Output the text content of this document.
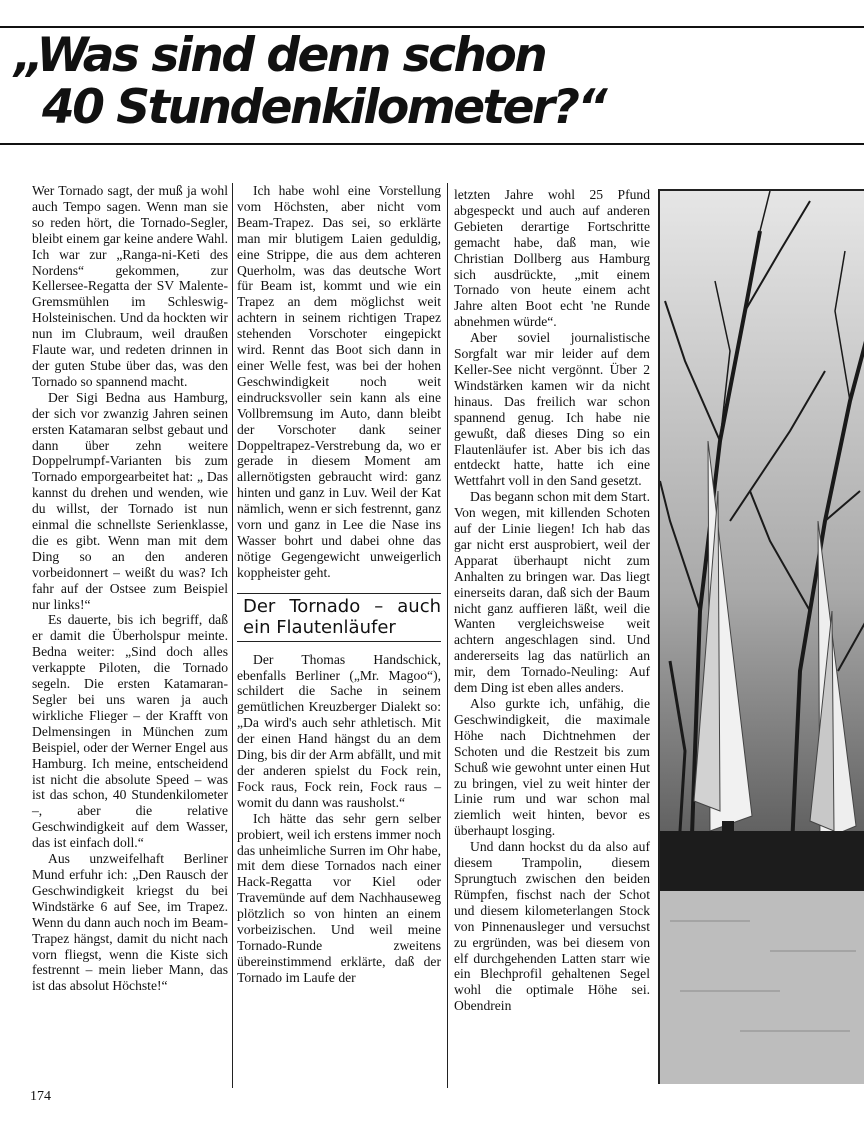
„Was sind denn schon
40 Stundenkilometer?“

Wer Tornado sagt, der muß ja wohl auch Tempo sagen. Wenn man sie so reden hört, die Tornado-Segler, bleibt einem gar keine andere Wahl. Ich war zur „Ranga-ni-Keti des Nordens“ gekommen, zur Kellersee-Regatta der SV Malente-Gremsmühlen im Schleswig-Holsteinischen. Und da hockten wir nun im Clubraum, weil draußen Flaute war, und redeten drinnen in der guten Stube über das, was den Tornado so spannend macht.

Der Sigi Bedna aus Hamburg, der sich vor zwanzig Jahren seinen ersten Katamaran selbst gebaut und dann über zehn weitere Doppelrumpf-Varianten bis zum Tornado emporgearbeitet hat: „ Das kannst du drehen und wenden, wie du willst, der Tornado ist nun einmal die schnellste Serienklasse, die es gibt. Wenn man mit dem Ding so an den anderen vorbeidonnert – weißt du was? Ich fahr auf der Ostsee zum Beispiel nur links!“

Es dauerte, bis ich begriff, daß er damit die Überholspur meinte. Bedna weiter: „Sind doch alles verkappte Piloten, die Tornado segeln. Die ersten Katamaran-Segler bei uns waren ja auch wirkliche Flieger – der Krafft von Delmensingen in München zum Beispiel, oder der Werner Engel aus Hamburg. Ich meine, entscheidend ist nicht die absolute Speed – was ist das schon, 40 Stundenkilometer –, aber die relative Geschwindigkeit auf dem Wasser, das ist einfach doll.“

Aus unzweifelhaft Berliner Mund erfuhr ich: „Den Rausch der Geschwindigkeit kriegst du bei Windstärke 6 auf See, im Trapez. Wenn du dann auch noch im Beam-Trapez hängst, damit du nicht nach vorn fliegst, wenn die Kiste sich festrennt – mein lieber Mann, das ist das absolut Höchste!“

Ich habe wohl eine Vorstellung vom Höchsten, aber nicht vom Beam-Trapez. Das sei, so erklärte man mir blutigem Laien geduldig, eine Strippe, die aus dem achteren Querholm, was das deutsche Wort für Beam ist, kommt und wie ein Trapez an dem möglichst weit achtern in seinem richtigen Trapez stehenden Vorschoter eingepickt wird. Rennt das Boot sich dann in einer Welle fest, was bei der hohen Geschwindigkeit noch weit eindrucksvoller sein kann als eine Vollbremsung im Auto, dann bleibt der Vorschoter dank seiner Doppeltrapez-Verstrebung da, wo er gerade in diesem Moment am allernötigsten gebraucht wird: ganz hinten und ganz in Luv. Weil der Kat nämlich, wenn er sich festrennt, ganz vorn und ganz in Lee die Nase ins Wasser bohrt und dabei ohne das nötige Gegengewicht unweigerlich koppheister geht.

Der Tornado – auch ein Flautenläufer

Der Thomas Handschick, ebenfalls Berliner („Mr. Magoo“), schildert die Sache in seinem gemütlichen Kreuzberger Dialekt so: „Da wird's auch sehr athletisch. Mit der einen Hand hängst du an dem Ding, bis dir der Arm abfällt, und mit der anderen spielst du Fock rein, Fock raus, Fock rein, Fock raus – womit du dann was rausholst.“

Ich hätte das sehr gern selber probiert, weil ich erstens immer noch das unheimliche Surren im Ohr habe, mit dem diese Tornados nach einer Hack-Regatta vor Kiel oder Travemünde auf dem Nachhauseweg plötzlich so von hinten an einem vorbeizischen. Und weil meine Tornado-Runde zweitens übereinstimmend erklärte, daß der Tornado im Laufe der

letzten Jahre wohl 25 Pfund abgespeckt und auch auf anderen Gebieten derartige Fortschritte gemacht habe, daß man, wie Christian Dollberg aus Hamburg sich ausdrückte, „mit einem Tornado von heute einem acht Jahre alten Boot echt 'ne Runde abnehmen würde“.

Aber soviel journalistische Sorgfalt war mir leider auf dem Keller-See nicht vergönnt. Über 2 Windstärken kamen wir da nicht hinaus. Das freilich war schon spannend genug. Ich habe nie gewußt, daß dieses Ding so ein Flautenläufer ist. Aber bis ich das entdeckt hatte, hatte ich eine Wettfahrt voll in den Sand gesetzt.

Das begann schon mit dem Start. Von wegen, mit killenden Schoten auf der Linie liegen! Ich hab das gar nicht erst ausprobiert, weil der Apparat überhaupt nicht zum Anhalten zu bringen war. Das liegt einerseits daran, daß sich der Baum nicht ganz auffieren läßt, weil die Wanten vergleichsweise weit achtern angeschlagen sind. Und andererseits lag das natürlich an mir, dem Tornado-Neuling: Auf dem Ding ist eben alles anders.

Also gurkte ich, unfähig, die Geschwindigkeit, die maximale Höhe nach Dichtnehmen der Schoten und die Restzeit bis zum Schuß wie gewohnt unter einen Hut zu bringen, viel zu weit hinter der Linie rum und war schon mal ziemlich weit hinten, bevor es überhaupt losging.

Und dann hockst du da also auf diesem Trampolin, diesem Sprungtuch zwischen den beiden Rümpfen, fischst nach der Schot und diesem kilometerlangen Stock von Pinnenausleger und versuchst zu ergründen, was bei diesem von elf durchgehenden Latten starr wie ein Blechprofil gehaltenen Segel wohl die optimale Höhe sei. Obendrein

174
